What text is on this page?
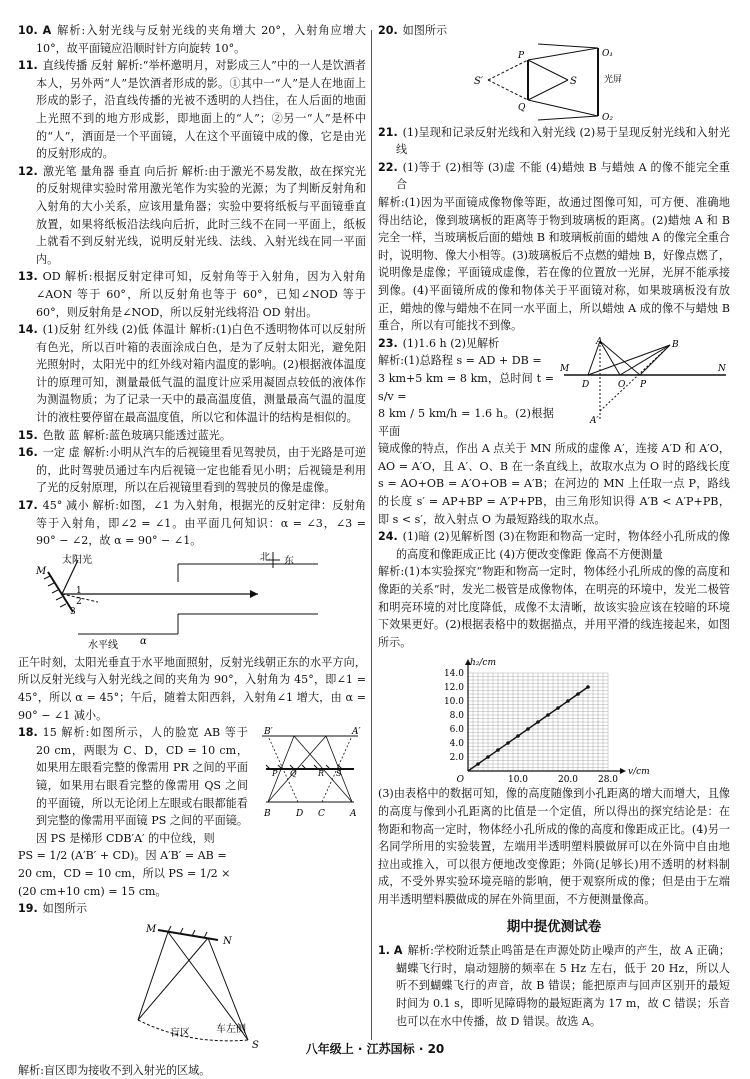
10. A 解析:入射光线与反射光线的夹角增大 20°，入射角应增大 10°，故平面镜应沿顺时针方向旋转 10°。

11. 直线传播 反射 解析:“举杯邀明月，对影成三人”中的一人是饮酒者本人，另外两“人”是饮酒者形成的影。①其中一“人”是人在地面上形成的影子，沿直线传播的光被不透明的人挡住，在人后面的地面上光照不到的地方形成影，即地面上的“人”；②另一“人”是杯中的“人”，酒面是一个平面镜，人在这个平面镜中成的像，它是由光的反射形成的。

12. 激光笔 量角器 垂直 向后折 解析:由于激光不易发散，故在探究光的反射规律实验时常用激光笔作为实验的光源；为了判断反射角和入射角的大小关系，应该用量角器；实验中要将纸板与平面镜垂直放置，如果将纸板沿法线向后折，此时三线不在同一平面上，纸板上就看不到反射光线，说明反射光线、法线、入射光线在同一平面内。

13. OD 解析:根据反射定律可知，反射角等于入射角，因为入射角∠AON 等于 60°，所以反射角也等于 60°，已知∠NOD 等于 60°，则反射角是∠NOD，所以反射光线将沿 OD 射出。

14. (1)反射 红外线 (2)低 体温计 解析:(1)白色不透明物体可以反射所有色光，所以百叶箱的表面涂成白色，是为了反射太阳光，避免阳光照射时，太阳光中的红外线对箱内温度的影响。(2)根据液体温度计的原理可知，测量最低气温的温度计应采用凝固点较低的液体作为测温物质；为了记录一天中的最高温度值，测量最高气温的温度计的液柱要停留在最高温度值，所以它和体温计的结构是相似的。

15. 色散 蓝 解析:蓝色玻璃只能透过蓝光。

16. 一定 虚 解析:小明从汽车的后视镜里看见驾驶员，由于光路是可逆的，此时驾驶员通过车内后视镜一定也能看见小明；后视镜是利用了光的反射原理，所以在后视镜里看到的驾驶员的像是虚像。

17. 45° 减小 解析:如图，∠1 为入射角，根据光的反射定律：反射角等于入射角，即∠2 = ∠1。由平面几何知识：α = ∠3，∠3 = 90° − ∠2，故 α = 90° − ∠1。

太阳光
M
1
2
3
北 东
水平线 α

正午时刻，太阳光垂直于水平地面照射，反射光线朝正东的水平方向，所以反射光线与入射光线之间的夹角为 90°，入射角为 45°，即∠1 = 45°，所以 α = 45°；午后，随着太阳西斜，入射角∠1 增大，由 α = 90° − ∠1 减小。

B′	A′
P Q	R S
B	D C	A
18. 15 解析:如图所示，人的脸宽 AB 等于 20 cm，两眼为 C、D，CD = 10 cm，如果用左眼看完整的像需用 PR 之间的平面镜，如果用右眼看完整的像需用 QS 之间的平面镜，所以无论闭上左眼或右眼都能看到完整的像需用平面镜 PS 之间的平面镜。因 PS 是梯形 CDB′A′ 的中位线，则

PS = 1/2 (A′B′ + CD)。因 A′B′ = AB =

20 cm，CD = 10 cm，所以 PS = 1/2 ×

(20 cm+10 cm) = 15 cm。

19. 如图所示

M
N
S
盲区	车左侧

解析:盲区即为接收不到入射光的区域。

20. 如图所示

S′
P
Q
S
O₁
O₂
光屏

21. (1)呈现和记录反射光线和入射光线 (2)易于呈现反射光线和入射光线

22. (1)等于 (2)相等 (3)虚 不能 (4)蜡烛 B 与蜡烛 A 的像不能完全重合

解析:(1)因为平面镜成像物像等距，故通过图像可知，可方便、准确地得出结论，像到玻璃板的距离等于物到玻璃板的距离。(2)蜡烛 A 和 B 完全一样，当玻璃板后面的蜡烛 B 和玻璃板前面的蜡烛 A 的像完全重合时，说明物、像大小相等。(3)玻璃板后不点燃的蜡烛 B，好像点燃了，说明像是虚像；平面镜成虚像，若在像的位置放一光屏，光屏不能承接到像。(4)平面镜所成的像和物体关于平面镜对称，如果玻璃板没有放正，蜡烛的像与蜡烛不在同一水平面上，所以蜡烛 A 成的像不与蜡烛 B 重合，所以有可能找不到像。

A	B
M	N
D	O P
A′
23. (1)1.6 h (2)见解析

解析:(1)总路程 s = AD + DB =

3 km+5 km = 8 km，总时间 t = s/v =

8 km / 5 km/h = 1.6 h。(2)根据平面

镜成像的特点，作出 A 点关于 MN 所成的虚像 A′，连接 A′D 和 A′O，AO = A′O，且 A′、O、B 在一条直线上，故取水点为 O 时的路线长度 s = AO+OB = A′O+OB = A′B；在河边的 MN 上任取一点 P，路线的长度 s′ = AP+BP = A′P+PB，由三角形知识得 A′B < A′P+PB，即 s < s′，故入射点 O 为最短路线的取水点。

24. (1)暗 (2)见解析图 (3)在物距和物高一定时，物体经小孔所成的像的高度和像距成正比 (4)方便改变像距 像高不方便测量

解析:(1)本实验探究“物距和物高一定时，物体经小孔所成的像的高度和像距的关系”时，发光二极管是成像物体，在明亮的环境中，发光二极管和明亮环境的对比度降低，成像不太清晰，故该实验应该在较暗的环境下效果更好。(2)根据表格中的数据描点，并用平滑的线连接起来，如图所示。

2.0
4.0
6.0
8.0
10.0
12.0
14.0
10.0	20.0 28.0
O
v/cm
h₂/cm

(3)由表格中的数据可知，像的高度随像到小孔距离的增大而增大，且像的高度与像到小孔距离的比值是一个定值，所以得出的探究结论是：在物距和物高一定时，物体经小孔所成的像的高度和像距成正比。(4)另一名同学所用的实验装置，左端用半透明塑料膜做屏可以在外筒中自由地拉出或推入，可以很方便地改变像距；外筒(足够长)用不透明的材料制成，不受外界实验环境亮暗的影响，便于观察所成的像；但是由于左端用半透明塑料膜做成的屏在外筒里面，不方便测量像高。

期中提优测试卷

1. A 解析:学校附近禁止鸣笛是在声源处防止噪声的产生，故 A 正确；蝴蝶飞行时，扇动翅膀的频率在 5 Hz 左右，低于 20 Hz，所以人听不到蝴蝶飞行的声音，故 B 错误；能把原声与回声区别开的最短时间为 0.1 s，即听见障碍物的最短距离为 17 m，故 C 错误；乐音也可以在水中传播，故 D 错误。故选 A。

八年级上 · 江苏国标 · 20
